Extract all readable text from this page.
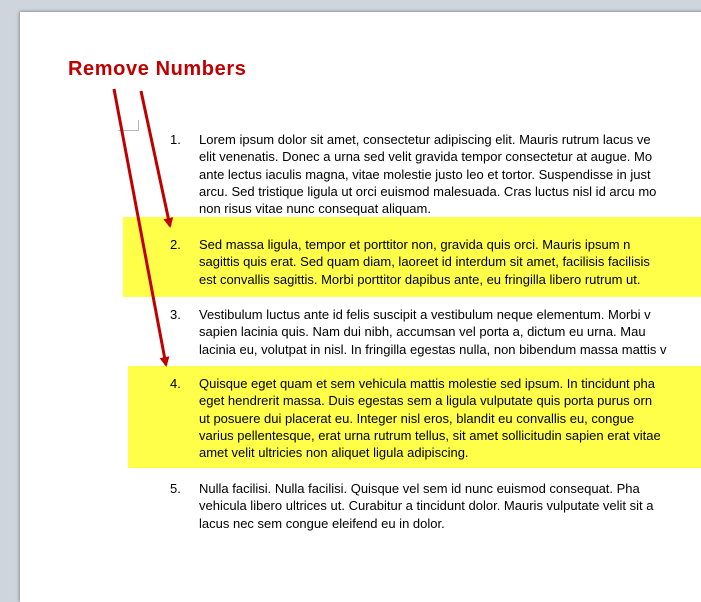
Remove Numbers
1. Lorem ipsum dolor sit amet, consectetur adipiscing elit. Mauris rutrum lacus ve
elit venenatis. Donec a urna sed velit gravida tempor consectetur at augue. Mo
ante lectus iaculis magna, vitae molestie justo leo et tortor. Suspendisse in just
arcu. Sed tristique ligula ut orci euismod malesuada. Cras luctus nisl id arcu mo
non risus vitae nunc consequat aliquam.
2. Sed massa ligula, tempor et porttitor non, gravida quis orci. Mauris ipsum n
sagittis quis erat. Sed quam diam, laoreet id interdum sit amet, facilisis facilisis
est convallis sagittis. Morbi porttitor dapibus ante, eu fringilla libero rutrum ut.
3. Vestibulum luctus ante id felis suscipit a vestibulum neque elementum. Morbi v
sapien lacinia quis. Nam dui nibh, accumsan vel porta a, dictum eu urna. Mau
lacinia eu, volutpat in nisl. In fringilla egestas nulla, non bibendum massa mattis v
4. Quisque eget quam et sem vehicula mattis molestie sed ipsum. In tincidunt pha
eget hendrerit massa. Duis egestas sem a ligula vulputate quis porta purus orn
ut posuere dui placerat eu. Integer nisl eros, blandit eu convallis eu, congue
varius pellentesque, erat urna rutrum tellus, sit amet sollicitudin sapien erat vitae
amet velit ultricies non aliquet ligula adipiscing.
5. Nulla facilisi. Nulla facilisi. Quisque vel sem id nunc euismod consequat. Pha
vehicula libero ultrices ut. Curabitur a tincidunt dolor. Mauris vulputate velit sit a
lacus nec sem congue eleifend eu in dolor.
